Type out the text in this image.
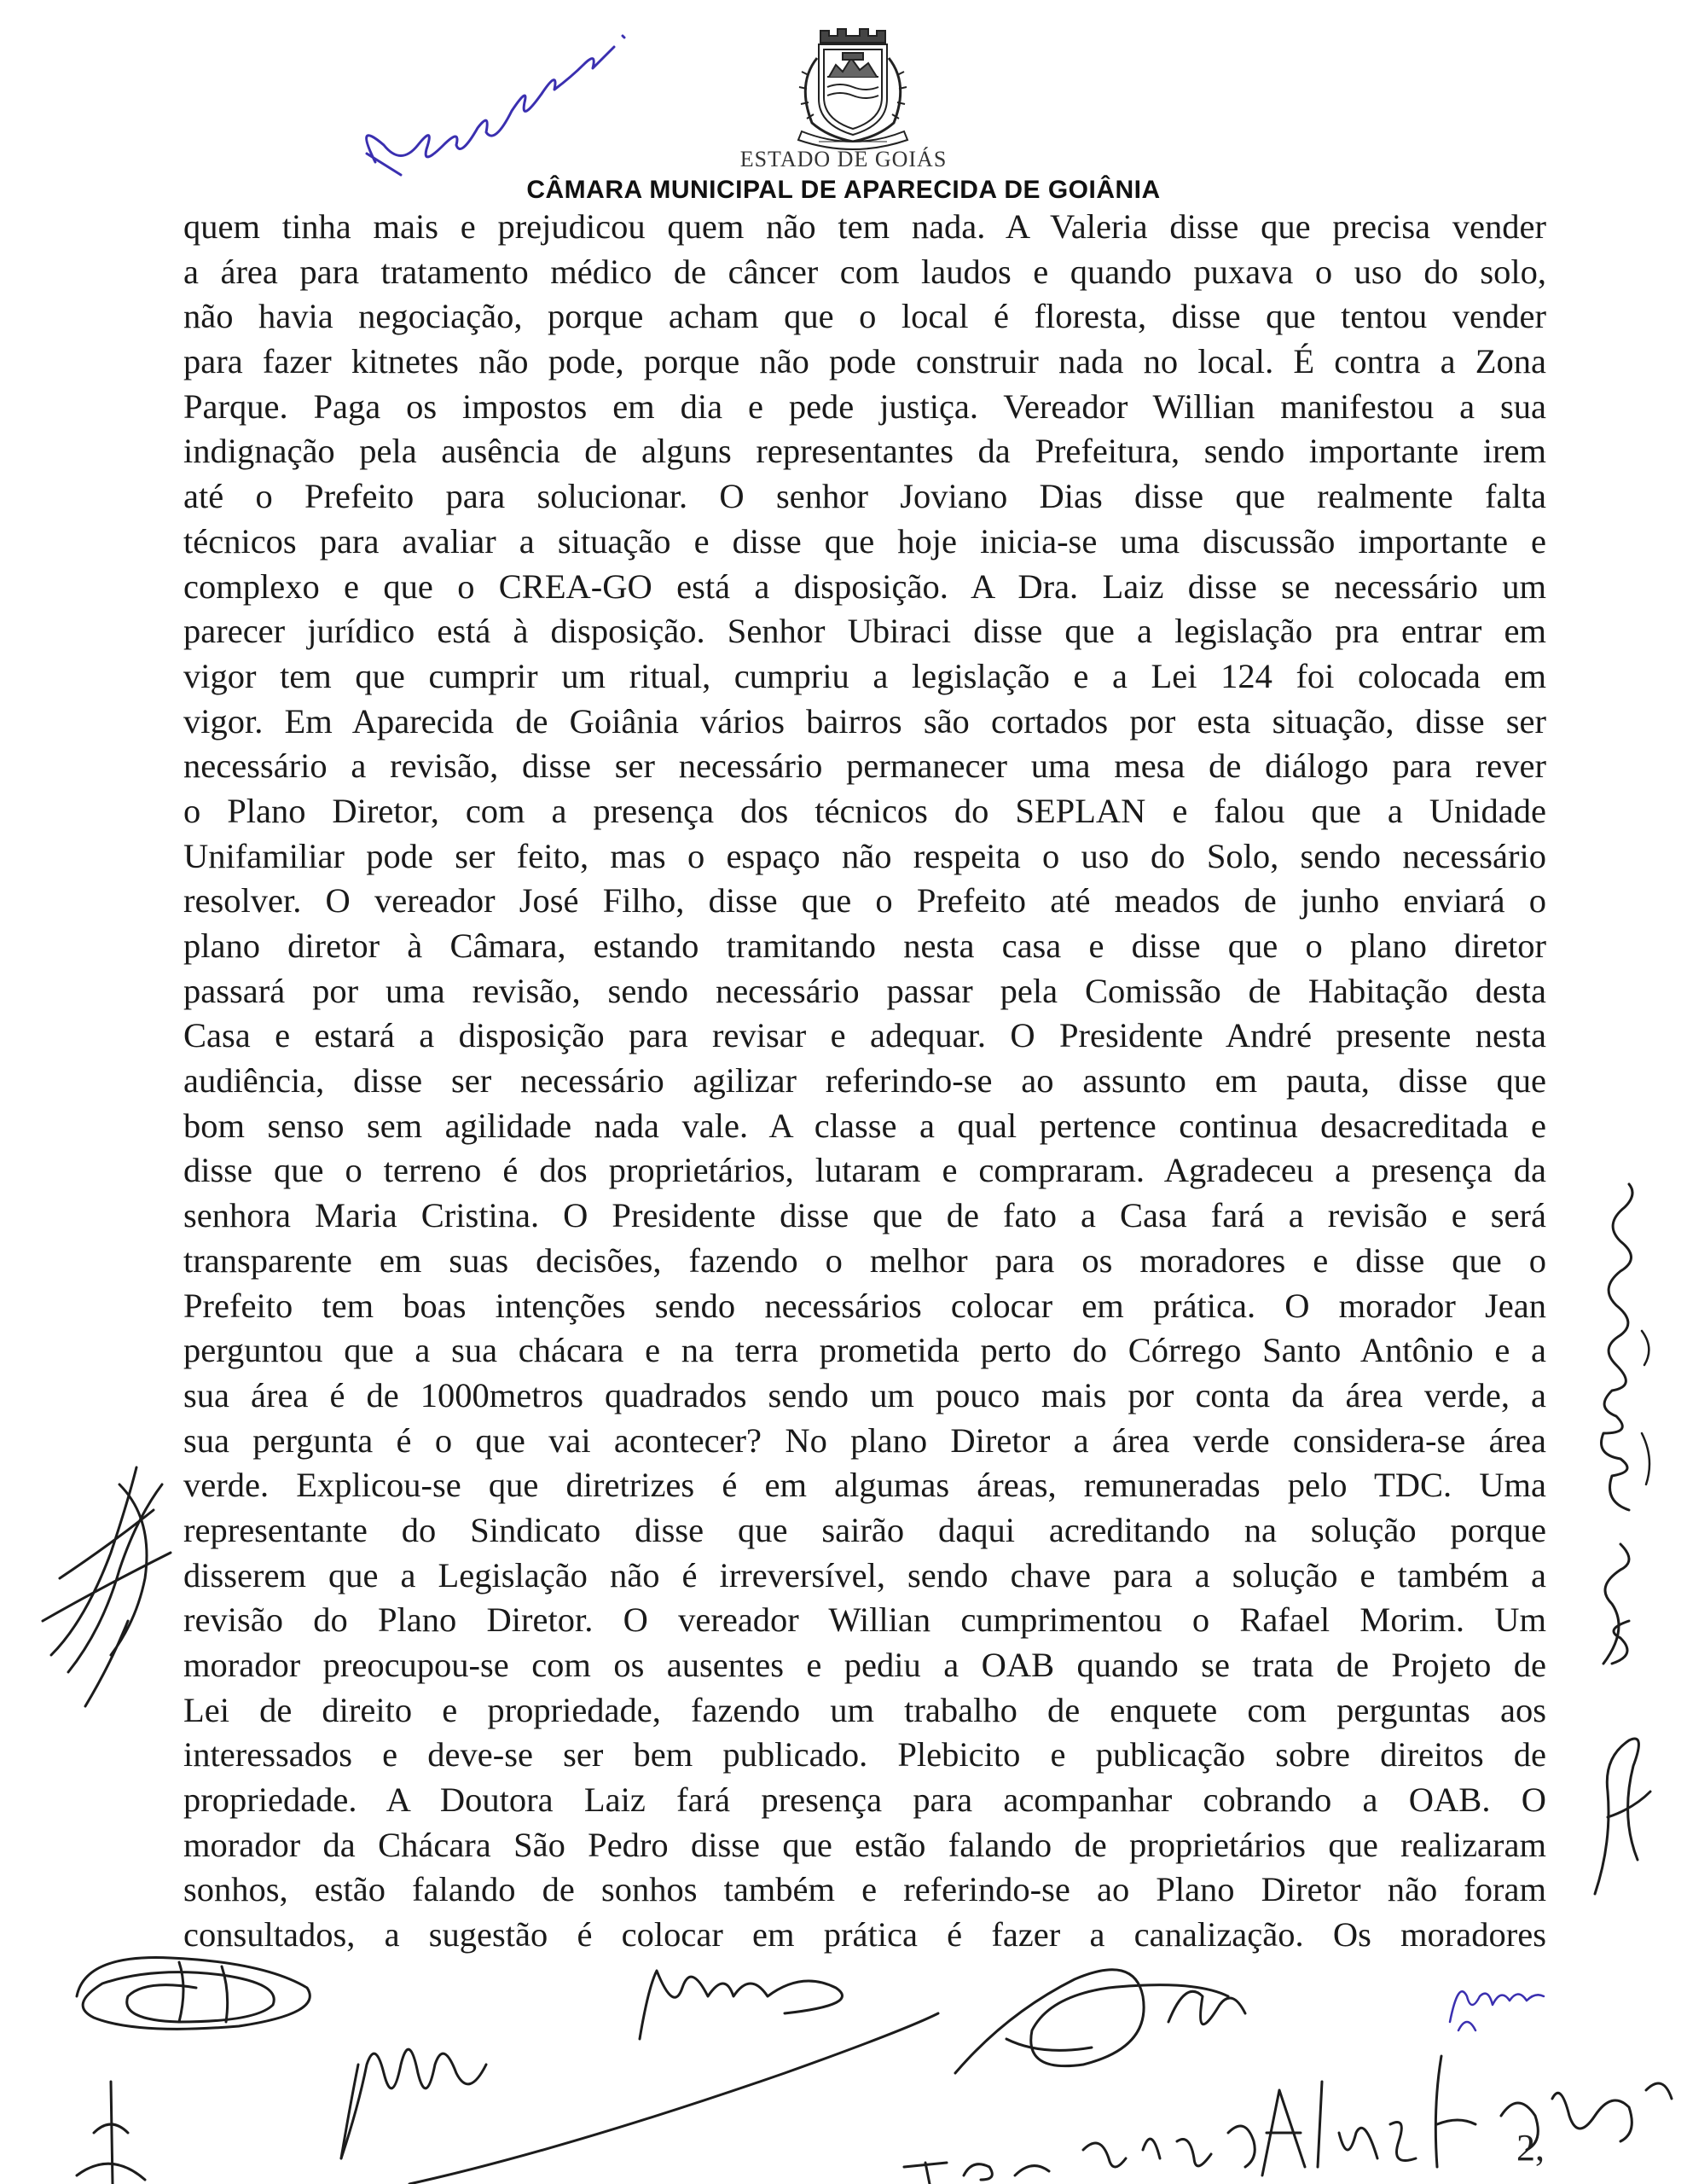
ESTADO DE GOIÁS
CÂMARA MUNICIPAL DE APARECIDA DE GOIÂNIA
quem tinha mais e prejudicou quem não tem nada. A Valeria disse que precisa vender
a área para tratamento médico de câncer com laudos e quando puxava o uso do solo,
não havia negociação, porque acham que o local é floresta, disse que tentou vender
para fazer kitnetes não pode, porque não pode construir nada no local. É contra a Zona
Parque. Paga os impostos em dia e pede justiça. Vereador Willian manifestou a sua
indignação pela ausência de alguns representantes da Prefeitura, sendo importante irem
até o Prefeito para solucionar. O senhor Joviano Dias disse que realmente falta
técnicos para avaliar a situação e disse que hoje inicia-se uma discussão importante e
complexo e que o CREA-GO está a disposição. A Dra. Laiz disse se necessário um
parecer jurídico está à disposição. Senhor Ubiraci disse que a legislação pra entrar em
vigor tem que cumprir um ritual, cumpriu a legislação e a Lei 124 foi colocada em
vigor. Em Aparecida de Goiânia vários bairros são cortados por esta situação, disse ser
necessário a revisão, disse ser necessário permanecer uma mesa de diálogo para rever
o Plano Diretor, com a presença dos técnicos do SEPLAN e falou que a Unidade
Unifamiliar pode ser feito, mas o espaço não respeita o uso do Solo, sendo necessário
resolver. O vereador José Filho, disse que o Prefeito até meados de junho enviará o
plano diretor à Câmara, estando tramitando nesta casa e disse que o plano diretor
passará por uma revisão, sendo necessário passar pela Comissão de Habitação desta
Casa e estará a disposição para revisar e adequar. O Presidente André presente nesta
audiência, disse ser necessário agilizar referindo-se ao assunto em pauta, disse que
bom senso sem agilidade nada vale. A classe a qual pertence continua desacreditada e
disse que o terreno é dos proprietários, lutaram e compraram. Agradeceu a presença da
senhora Maria Cristina. O Presidente disse que de fato a Casa fará a revisão e será
transparente em suas decisões, fazendo o melhor para os moradores e disse que o
Prefeito tem boas intenções sendo necessários colocar em prática. O morador Jean
perguntou que a sua chácara e na terra prometida perto do Córrego Santo Antônio e a
sua área é de 1000metros quadrados sendo um pouco mais por conta da área verde, a
sua pergunta é o que vai acontecer? No plano Diretor a área verde considera-se área
verde. Explicou-se que diretrizes é em algumas áreas, remuneradas pelo TDC. Uma
representante do Sindicato disse que sairão daqui acreditando na solução porque
disserem que a Legislação não é irreversível, sendo chave para a solução e também a
revisão do Plano Diretor. O vereador Willian cumprimentou o Rafael Morim. Um
morador preocupou-se com os ausentes e pediu a OAB quando se trata de Projeto de
Lei de direito e propriedade, fazendo um trabalho de enquete com perguntas aos
interessados e deve-se ser bem publicado. Plebicito e publicação sobre direitos de
propriedade. A Doutora Laiz fará presença para acompanhar cobrando a OAB. O
morador da Chácara São Pedro disse que estão falando de proprietários que realizaram
sonhos, estão falando de sonhos também e referindo-se ao Plano Diretor não foram
consultados, a sugestão é colocar em prática é fazer a canalização. Os moradores
2,
